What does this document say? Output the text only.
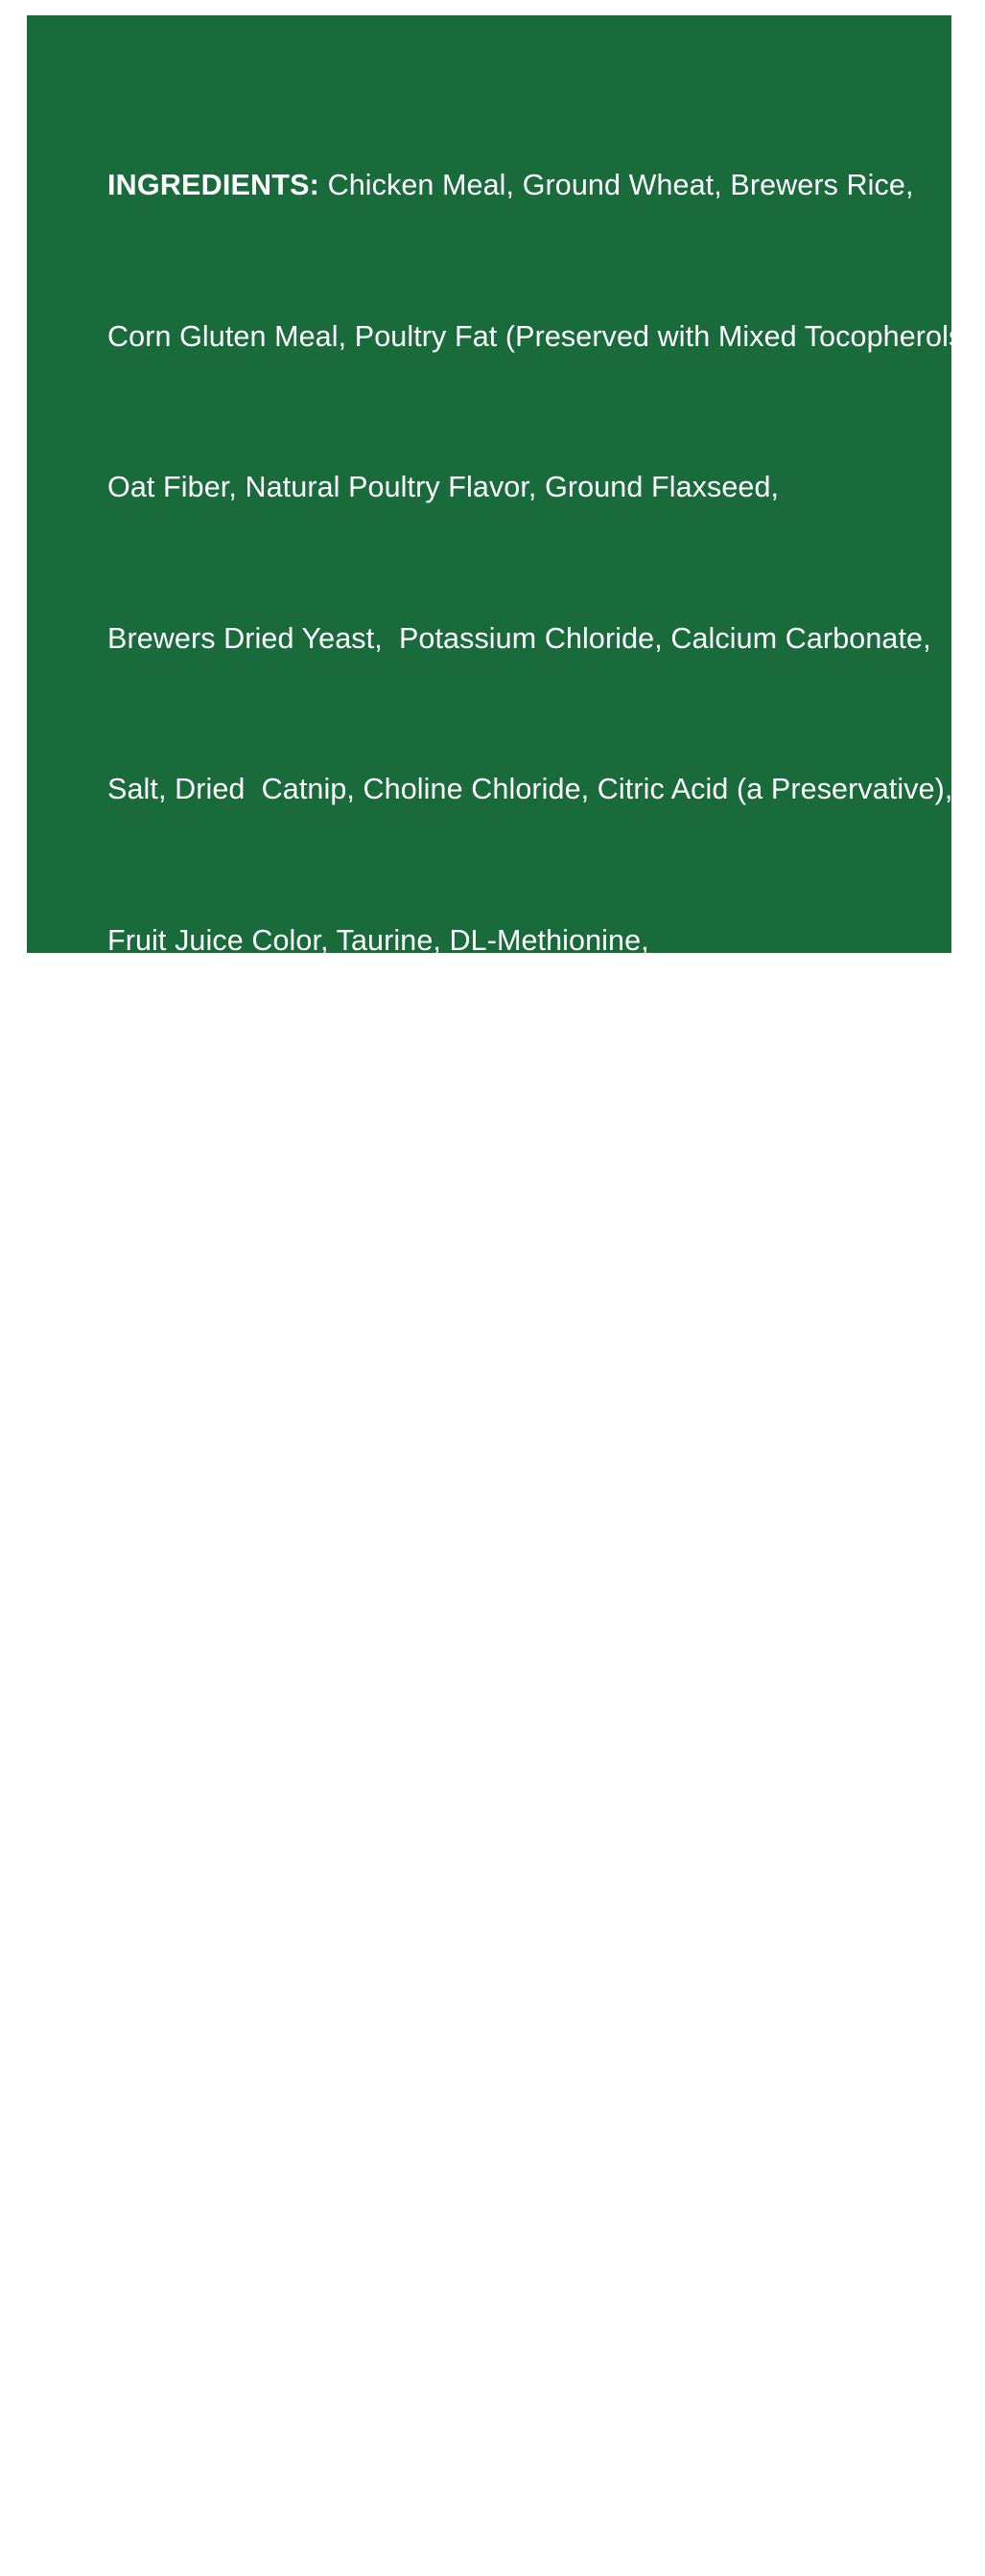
INGREDIENTS: Chicken Meal, Ground Wheat, Brewers Rice,

Corn Gluten Meal, Poultry Fat (Preserved with Mixed Tocopherols),

Oat Fiber, Natural Poultry Flavor, Ground Flaxseed,

Brewers Dried Yeast,  Potassium Chloride, Calcium Carbonate,

Salt, Dried  Catnip, Choline Chloride, Citric Acid (a Preservative),

Fruit Juice Color, Taurine, DL-Methionine,

Mixed Tocopherols (a Preservative),

DL-Alpha Tocopherols Acetate (Source of Vitamin E),

Ferrous Sulfate, Turmeric Color, Zinc Sulfate,  Niacin Supplement,

Zinc Oxide,  Copper Sulfate, D-Calcium Pantothenate (Vitamin B5),

Vitamin A Supplement, Thiamine Mononitrate (Vitamin B1),

Manganous  Oxide, Riboflavin Supplement (Vitamin B2),

Pyridoxine Hydrochloride (Vitamin B6), Biotin,

Vitamin B12 Supplement,  Vitamin D3  Supplement,

Sodium Selenite, Folic Acid, Calcium Iodate, Cobalt Carbonate,

Rosemary Extract
